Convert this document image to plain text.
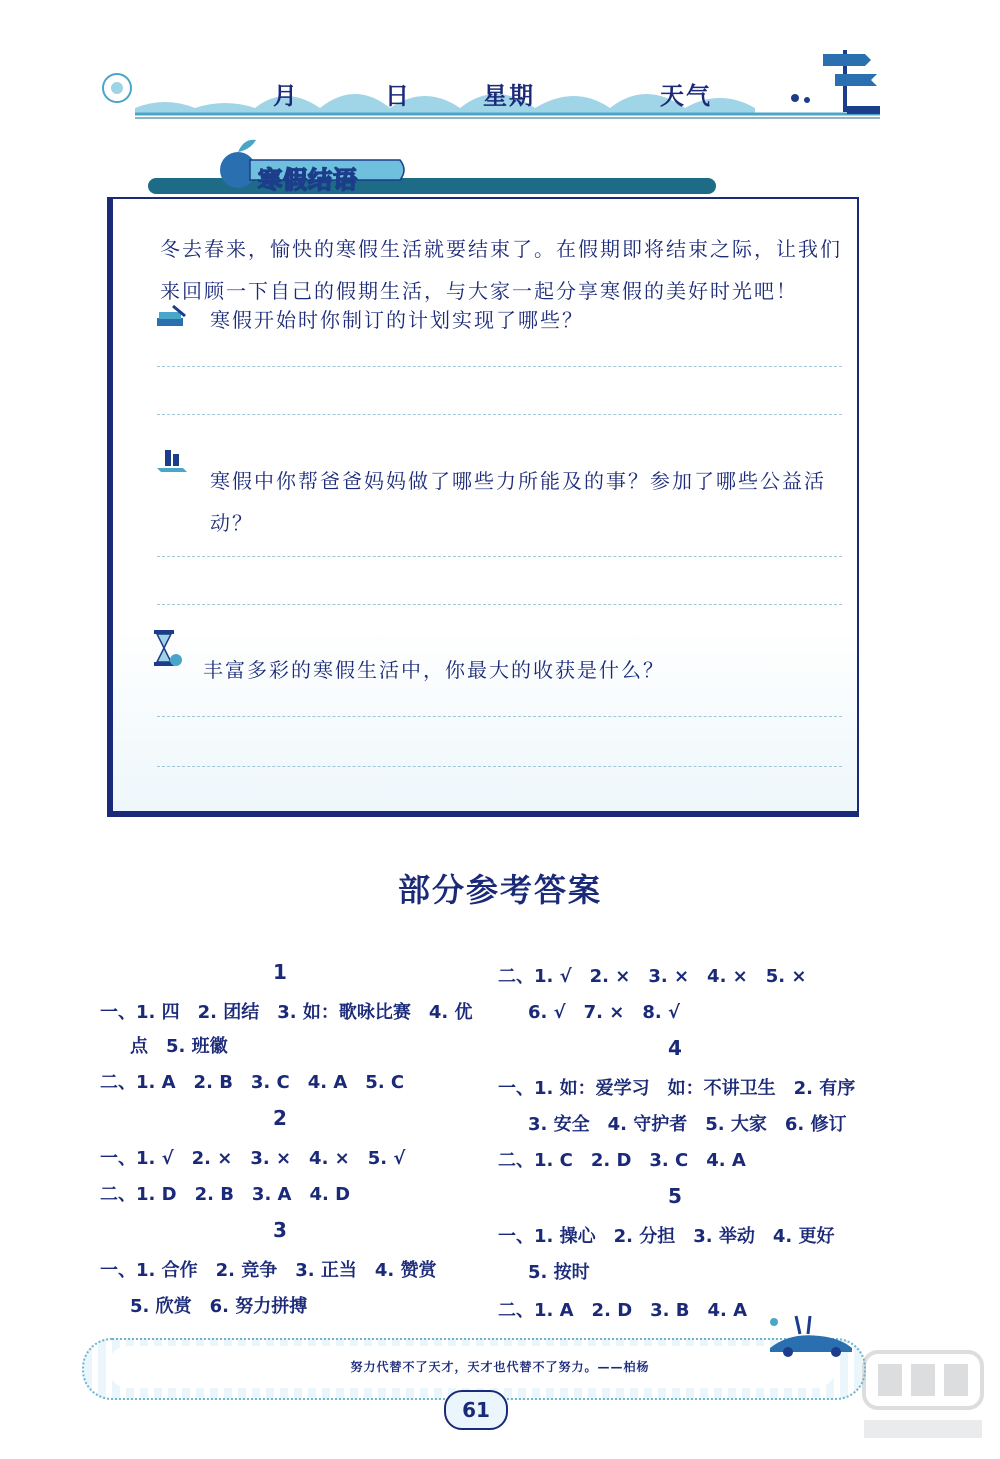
月	日	星期	天气
寒假结语
冬去春来，愉快的寒假生活就要结束了。在假期即将结束之际，让我们来回顾一下自己的假期生活，与大家一起分享寒假的美好时光吧！
寒假开始时你制订的计划实现了哪些？
寒假中你帮爸爸妈妈做了哪些力所能及的事？参加了哪些公益活动？
丰富多彩的寒假生活中，你最大的收获是什么？
部分参考答案
1
一、1. 四　2. 团结　3. 如：歌咏比赛　4. 优
　点　5. 班徽
二、1. A　2. B　3. C　4. A　5. C
2
一、1. √　2. ×　3. ×　4. ×　5. √
二、1. D　2. B　3. A　4. D
3
一、1. 合作　2. 竞争　3. 正当　4. 赞赏
　5. 欣赏　6. 努力拼搏
二、1. √　2. ×　3. ×　4. ×　5. ×
　6. √　7. ×　8. √
4
一、1. 如：爱学习　如：不讲卫生　2. 有序
　3. 安全　4. 守护者　5. 大家　6. 修订
二、1. C　2. D　3. C　4. A
5
一、1. 操心　2. 分担　3. 举动　4. 更好
　5. 按时
二、1. A　2. D　3. B　4. A
努力代替不了天才，天才也代替不了努力。——柏杨
61
